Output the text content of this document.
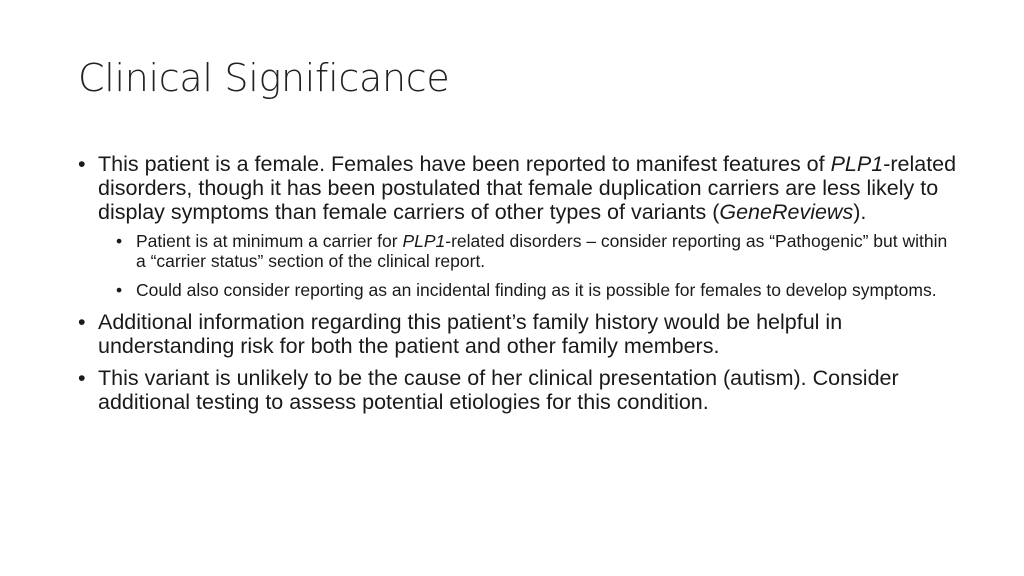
Clinical Significance
• This patient is a female. Females have been reported to manifest features of PLP1-related disorders, though it has been postulated that female duplication carriers are less likely to display symptoms than female carriers of other types of variants (GeneReviews).
• Patient is at minimum a carrier for PLP1-related disorders – consider reporting as “Pathogenic” but within a “carrier status” section of the clinical report.
• Could also consider reporting as an incidental finding as it is possible for females to develop symptoms.
• Additional information regarding this patient’s family history would be helpful in understanding risk for both the patient and other family members.
• This variant is unlikely to be the cause of her clinical presentation (autism). Consider additional testing to assess potential etiologies for this condition.
